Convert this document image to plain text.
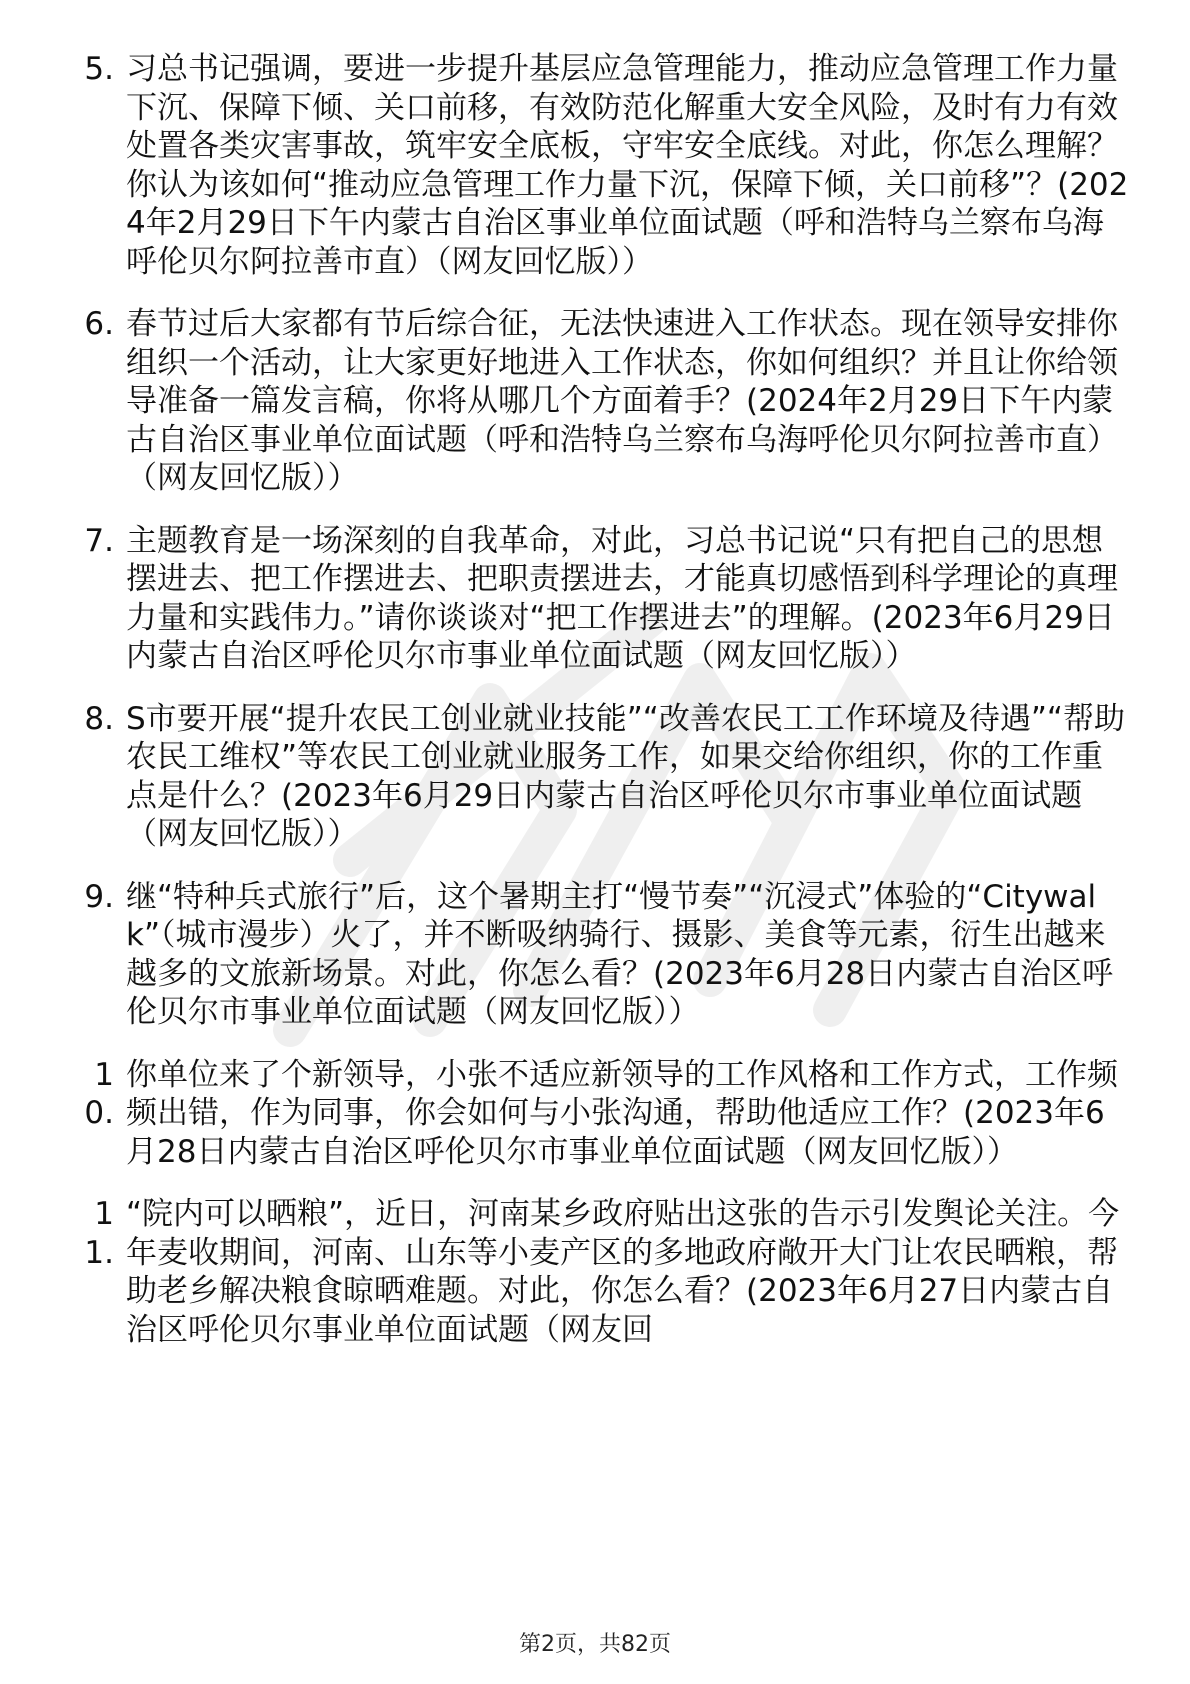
5. 习总书记强调，要进一步提升基层应急管理能力，推动应急管理工作力量下沉、保障下倾、关口前移，有效防范化解重大安全风险，及时有力有效处置各类灾害事故，筑牢安全底板，守牢安全底线。对此，你怎么理解？你认为该如何“推动应急管理工作力量下沉，保障下倾，关口前移”？(2024年2月29日下午内蒙古自治区事业单位面试题（呼和浩特乌兰察布乌海呼伦贝尔阿拉善市直）（网友回忆版））
6. 春节过后大家都有节后综合征，无法快速进入工作状态。现在领导安排你组织一个活动，让大家更好地进入工作状态，你如何组织？并且让你给领导准备一篇发言稿，你将从哪几个方面着手？(2024年2月29日下午内蒙古自治区事业单位面试题（呼和浩特乌兰察布乌海呼伦贝尔阿拉善市直）（网友回忆版））
7. 主题教育是一场深刻的自我革命，对此，习总书记说“只有把自己的思想摆进去、把工作摆进去、把职责摆进去，才能真切感悟到科学理论的真理力量和实践伟力。”请你谈谈对“把工作摆进去”的理解。(2023年6月29日内蒙古自治区呼伦贝尔市事业单位面试题（网友回忆版））
8. S市要开展“提升农民工创业就业技能”“改善农民工工作环境及待遇”“帮助农民工维权”等农民工创业就业服务工作，如果交给你组织，你的工作重点是什么？(2023年6月29日内蒙古自治区呼伦贝尔市事业单位面试题（网友回忆版））
9. 继“特种兵式旅行”后，这个暑期主打“慢节奏”“沉浸式”体验的“Citywalk”（城市漫步）火了，并不断吸纳骑行、摄影、美食等元素，衍生出越来越多的文旅新场景。对此，你怎么看？(2023年6月28日内蒙古自治区呼伦贝尔市事业单位面试题（网友回忆版））
10.
你单位来了个新领导，小张不适应新领导的工作风格和工作方式，工作频频出错，作为同事，你会如何与小张沟通，帮助他适应工作？(2023年6月28日内蒙古自治区呼伦贝尔市事业单位面试题（网友回忆版））
11.
“院内可以晒粮”，近日，河南某乡政府贴出这张的告示引发舆论关注。今年麦收期间，河南、山东等小麦产区的多地政府敞开大门让农民晒粮，帮助老乡解决粮食晾晒难题。对此，你怎么看？(2023年6月27日内蒙古自治区呼伦贝尔事业单位面试题（网友回
第2页，共82页
